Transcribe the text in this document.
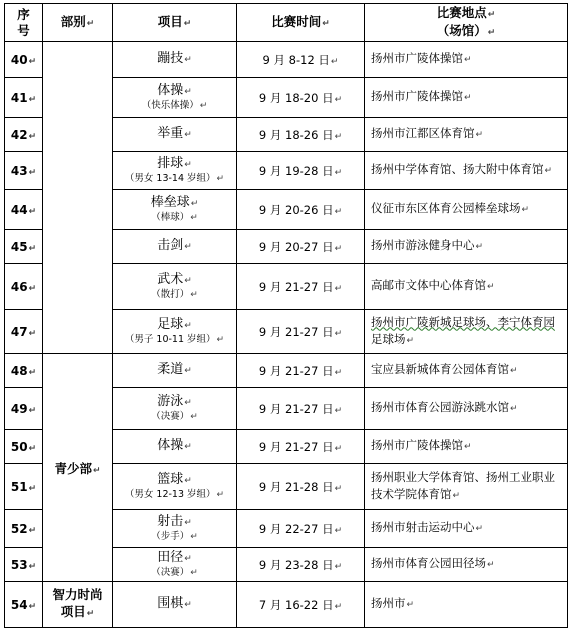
序
号	部别↵	项目↵	比赛时间↵	比赛地点↵
（场馆）↵

40↵		蹦技↵	9 月 8-12 日↵	扬州市广陵体操馆↵

41↵		体操↵
（快乐体操）↵	9 月 18-20 日↵	扬州市广陵体操馆↵

42↵		举重↵	9 月 18-26 日↵	扬州市江都区体育馆↵

43↵		排球↵
（男女 13-14 岁组）↵	9 月 19-28 日↵	扬州中学体育馆、扬大附中体育馆↵

44↵		棒垒球↵
（棒球）↵	9 月 20-26 日↵	仪征市东区体育公园棒垒球场↵

45↵		击剑↵	9 月 20-27 日↵	扬州市游泳健身中心↵

46↵		武术↵
（散打）↵	9 月 21-27 日↵	高邮市文体中心体育馆↵

47↵		足球↵
（男子 10-11 岁组）↵	9 月 21-27 日↵	扬州市广陵新城足球场、李宁体育园
足球场↵

48↵	青少部↵	柔道↵	9 月 21-27 日↵	宝应县新城体育公园体育馆↵

49↵		游泳↵
（决赛）↵	9 月 21-27 日↵	扬州市体育公园游泳跳水馆↵

50↵		体操↵	9 月 21-27 日↵	扬州市广陵体操馆↵

51↵		篮球↵
（男女 12-13 岁组）↵	9 月 21-28 日↵	扬州职业大学体育馆、扬州工业职业
技术学院体育馆↵

52↵		射击↵
（步手）↵	9 月 22-27 日↵	扬州市射击运动中心↵

53↵		田径↵
（决赛）↵	9 月 23-28 日↵	扬州市体育公园田径场↵

54↵	智力时尚
项目↵	围棋↵	7 月 16-22 日↵	扬州市↵
